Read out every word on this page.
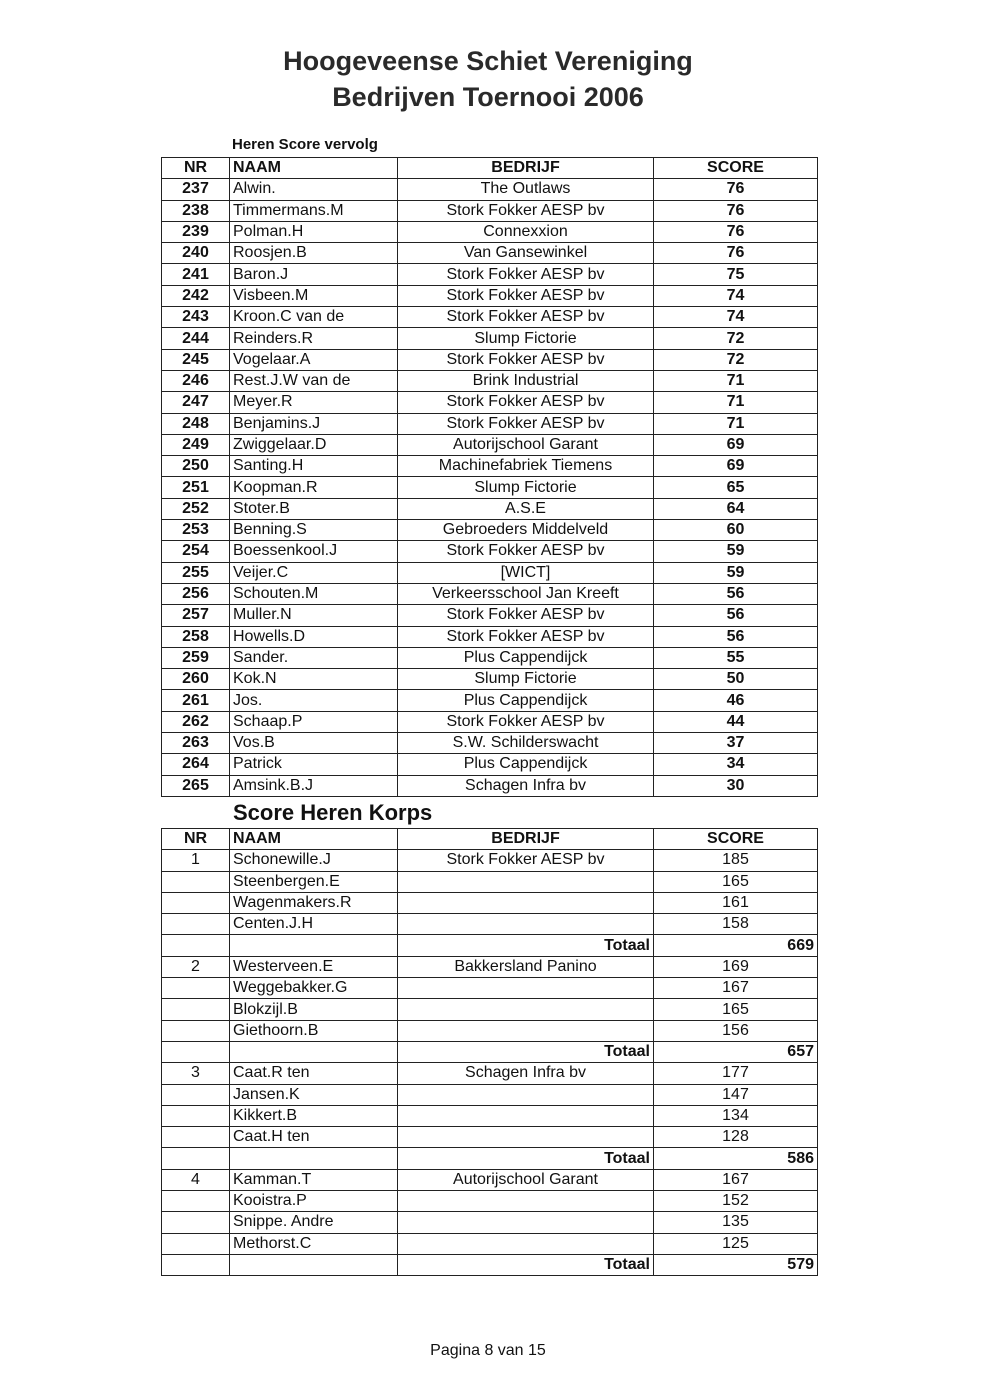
Hoogeveense Schiet Vereniging
Bedrijven Toernooi 2006
Heren Score vervolg
NR	NAAM	BEDRIJF	SCORE
237	Alwin.	The Outlaws	76
238	Timmermans.M	Stork Fokker AESP bv	76
239	Polman.H	Connexxion	76
240	Roosjen.B	Van Gansewinkel	76
241	Baron.J	Stork Fokker AESP bv	75
242	Visbeen.M	Stork Fokker AESP bv	74
243	Kroon.C van de	Stork Fokker AESP bv	74
244	Reinders.R	Slump Fictorie	72
245	Vogelaar.A	Stork Fokker AESP bv	72
246	Rest.J.W van de	Brink Industrial	71
247	Meyer.R	Stork Fokker AESP bv	71
248	Benjamins.J	Stork Fokker AESP bv	71
249	Zwiggelaar.D	Autorijschool Garant	69
250	Santing.H	Machinefabriek Tiemens	69
251	Koopman.R	Slump Fictorie	65
252	Stoter.B	A.S.E	64
253	Benning.S	Gebroeders Middelveld	60
254	Boessenkool.J	Stork Fokker AESP bv	59
255	Veijer.C	[WICT]	59
256	Schouten.M	Verkeersschool Jan Kreeft	56
257	Muller.N	Stork Fokker AESP bv	56
258	Howells.D	Stork Fokker AESP bv	56
259	Sander.	Plus Cappendijck	55
260	Kok.N	Slump Fictorie	50
261	Jos.	Plus Cappendijck	46
262	Schaap.P	Stork Fokker AESP bv	44
263	Vos.B	S.W. Schilderswacht	37
264	Patrick	Plus Cappendijck	34
265	Amsink.B.J	Schagen Infra bv	30
Score Heren Korps
NR	NAAM	BEDRIJF	SCORE
1	Schonewille.J	Stork Fokker AESP bv	185
	Steenbergen.E		165
	Wagenmakers.R		161
	Centen.J.H		158
		Totaal	669
2	Westerveen.E	Bakkersland Panino	169
	Weggebakker.G		167
	Blokzijl.B		165
	Giethoorn.B		156
		Totaal	657
3	Caat.R ten	Schagen Infra bv	177
	Jansen.K		147
	Kikkert.B		134
	Caat.H ten		128
		Totaal	586
4	Kamman.T	Autorijschool Garant	167
	Kooistra.P		152
	Snippe. Andre		135
	Methorst.C		125
		Totaal	579
Pagina 8 van 15
